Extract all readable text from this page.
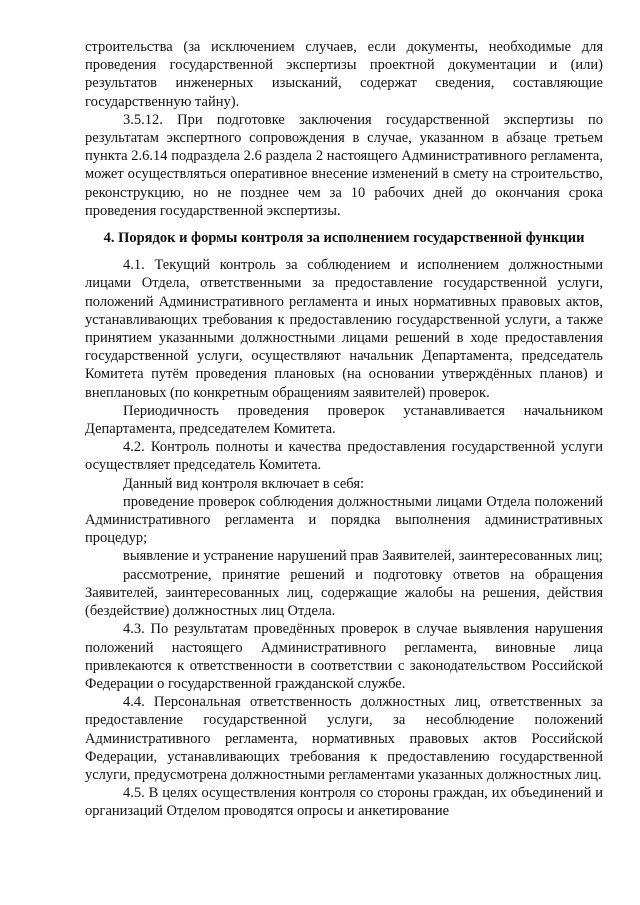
строительства (за исключением случаев, если документы, необходимые для проведения государственной экспертизы проектной документации и (или) результатов инженерных изысканий, содержат сведения, составляющие государственную тайну).

3.5.12. При подготовке заключения государственной экспертизы по результатам экспертного сопровождения в случае, указанном в абзаце третьем пункта 2.6.14 подраздела 2.6 раздела 2 настоящего Административного регламента, может осуществляться оперативное внесение изменений в смету на строительство, реконструкцию, но не позднее чем за 10 рабочих дней до окончания срока проведения государственной экспертизы.

4. Порядок и формы контроля за исполнением государственной функции

4.1. Текущий контроль за соблюдением и исполнением должностными лицами Отдела, ответственными за предоставление государственной услуги, положений Административного регламента и иных нормативных правовых актов, устанавливающих требования к предоставлению государственной услуги, а также принятием указанными должностными лицами решений в ходе предоставления государственной услуги, осуществляют начальник Департамента, председатель Комитета путём проведения плановых (на основании утверждённых планов) и внеплановых (по конкретным обращениям заявителей) проверок.

Периодичность проведения проверок устанавливается начальником Департамента, председателем Комитета.

4.2. Контроль полноты и качества предоставления государственной услуги осуществляет председатель Комитета.

Данный вид контроля включает в себя:

проведение проверок соблюдения должностными лицами Отдела положений Административного регламента и порядка выполнения административных процедур;

выявление и устранение нарушений прав Заявителей, заинтересованных лиц;

рассмотрение, принятие решений и подготовку ответов на обращения Заявителей, заинтересованных лиц, содержащие жалобы на решения, действия (бездействие) должностных лиц Отдела.

4.3. По результатам проведённых проверок в случае выявления нарушения положений настоящего Административного регламента, виновные лица привлекаются к ответственности в соответствии с законодательством Российской Федерации о государственной гражданской службе.

4.4. Персональная ответственность должностных лиц, ответственных за предоставление государственной услуги, за несоблюдение положений Административного регламента, нормативных правовых актов Российской Федерации, устанавливающих требования к предоставлению государственной услуги, предусмотрена должностными регламентами указанных должностных лиц.

4.5. В целях осуществления контроля со стороны граждан, их объединений и организаций Отделом проводятся опросы и анкетирование
